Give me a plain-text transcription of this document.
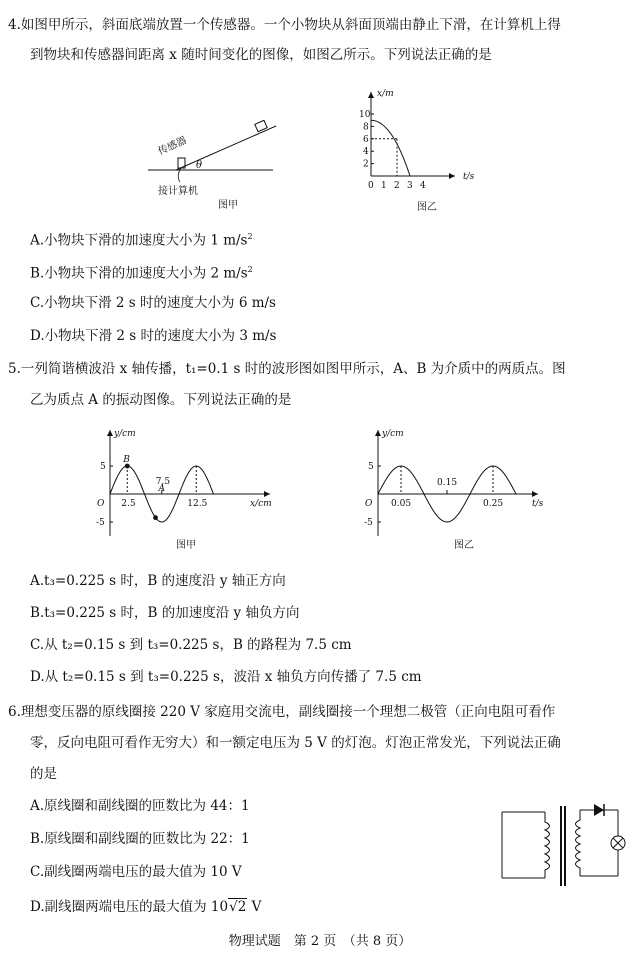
4.如图甲所示，斜面底端放置一个传感器。一个小物块从斜面顶端由静止下滑，在计算机上得
到物块和传感器间距离 x 随时间变化的图像，如图乙所示。下列说法正确的是
传感器
θ
接计算机
图甲
x/m
t/s
0 1 2 3 4
2
4
6
8
10
图乙
A.小物块下滑的加速度大小为 1 $m/s^2$
B.小物块下滑的加速度大小为 2 $m/s^2$
C.小物块下滑 2 s 时的速度大小为 6 m/s
D.小物块下滑 2 s 时的速度大小为 3 m/s
5.一列简谐横波沿 x 轴传播，t₁=0.1 s 时的波形图如图甲所示，A、B 为介质中的两质点。图
乙为质点 A 的振动图像。下列说法正确的是
y/cm
x/cm
O
5
-5
2.5
7.5
12.5
B
A
图甲
y/cm
t/s
O
5
-5
0.05
0.15
0.25
图乙
A.t₃=0.225 s 时，B 的速度沿 y 轴正方向
B.t₃=0.225 s 时，B 的加速度沿 y 轴负方向
C.从 t₂=0.15 s 到 t₃=0.225 s，B 的路程为 7.5 cm
D.从 t₂=0.15 s 到 t₃=0.225 s，波沿 x 轴负方向传播了 7.5 cm
6.理想变压器的原线圈接 220 V 家庭用交流电，副线圈接一个理想二极管（正向电阻可看作
零，反向电阻可看作无穷大）和一额定电压为 5 V 的灯泡。灯泡正常发光，下列说法正确
的是
A.原线圈和副线圈的匝数比为 44：1
B.原线圈和副线圈的匝数比为 22：1
C.副线圈两端电压的最大值为 10 V
D.副线圈两端电压的最大值为 10√2 V
物理试题　第 2 页　（共 8 页）
